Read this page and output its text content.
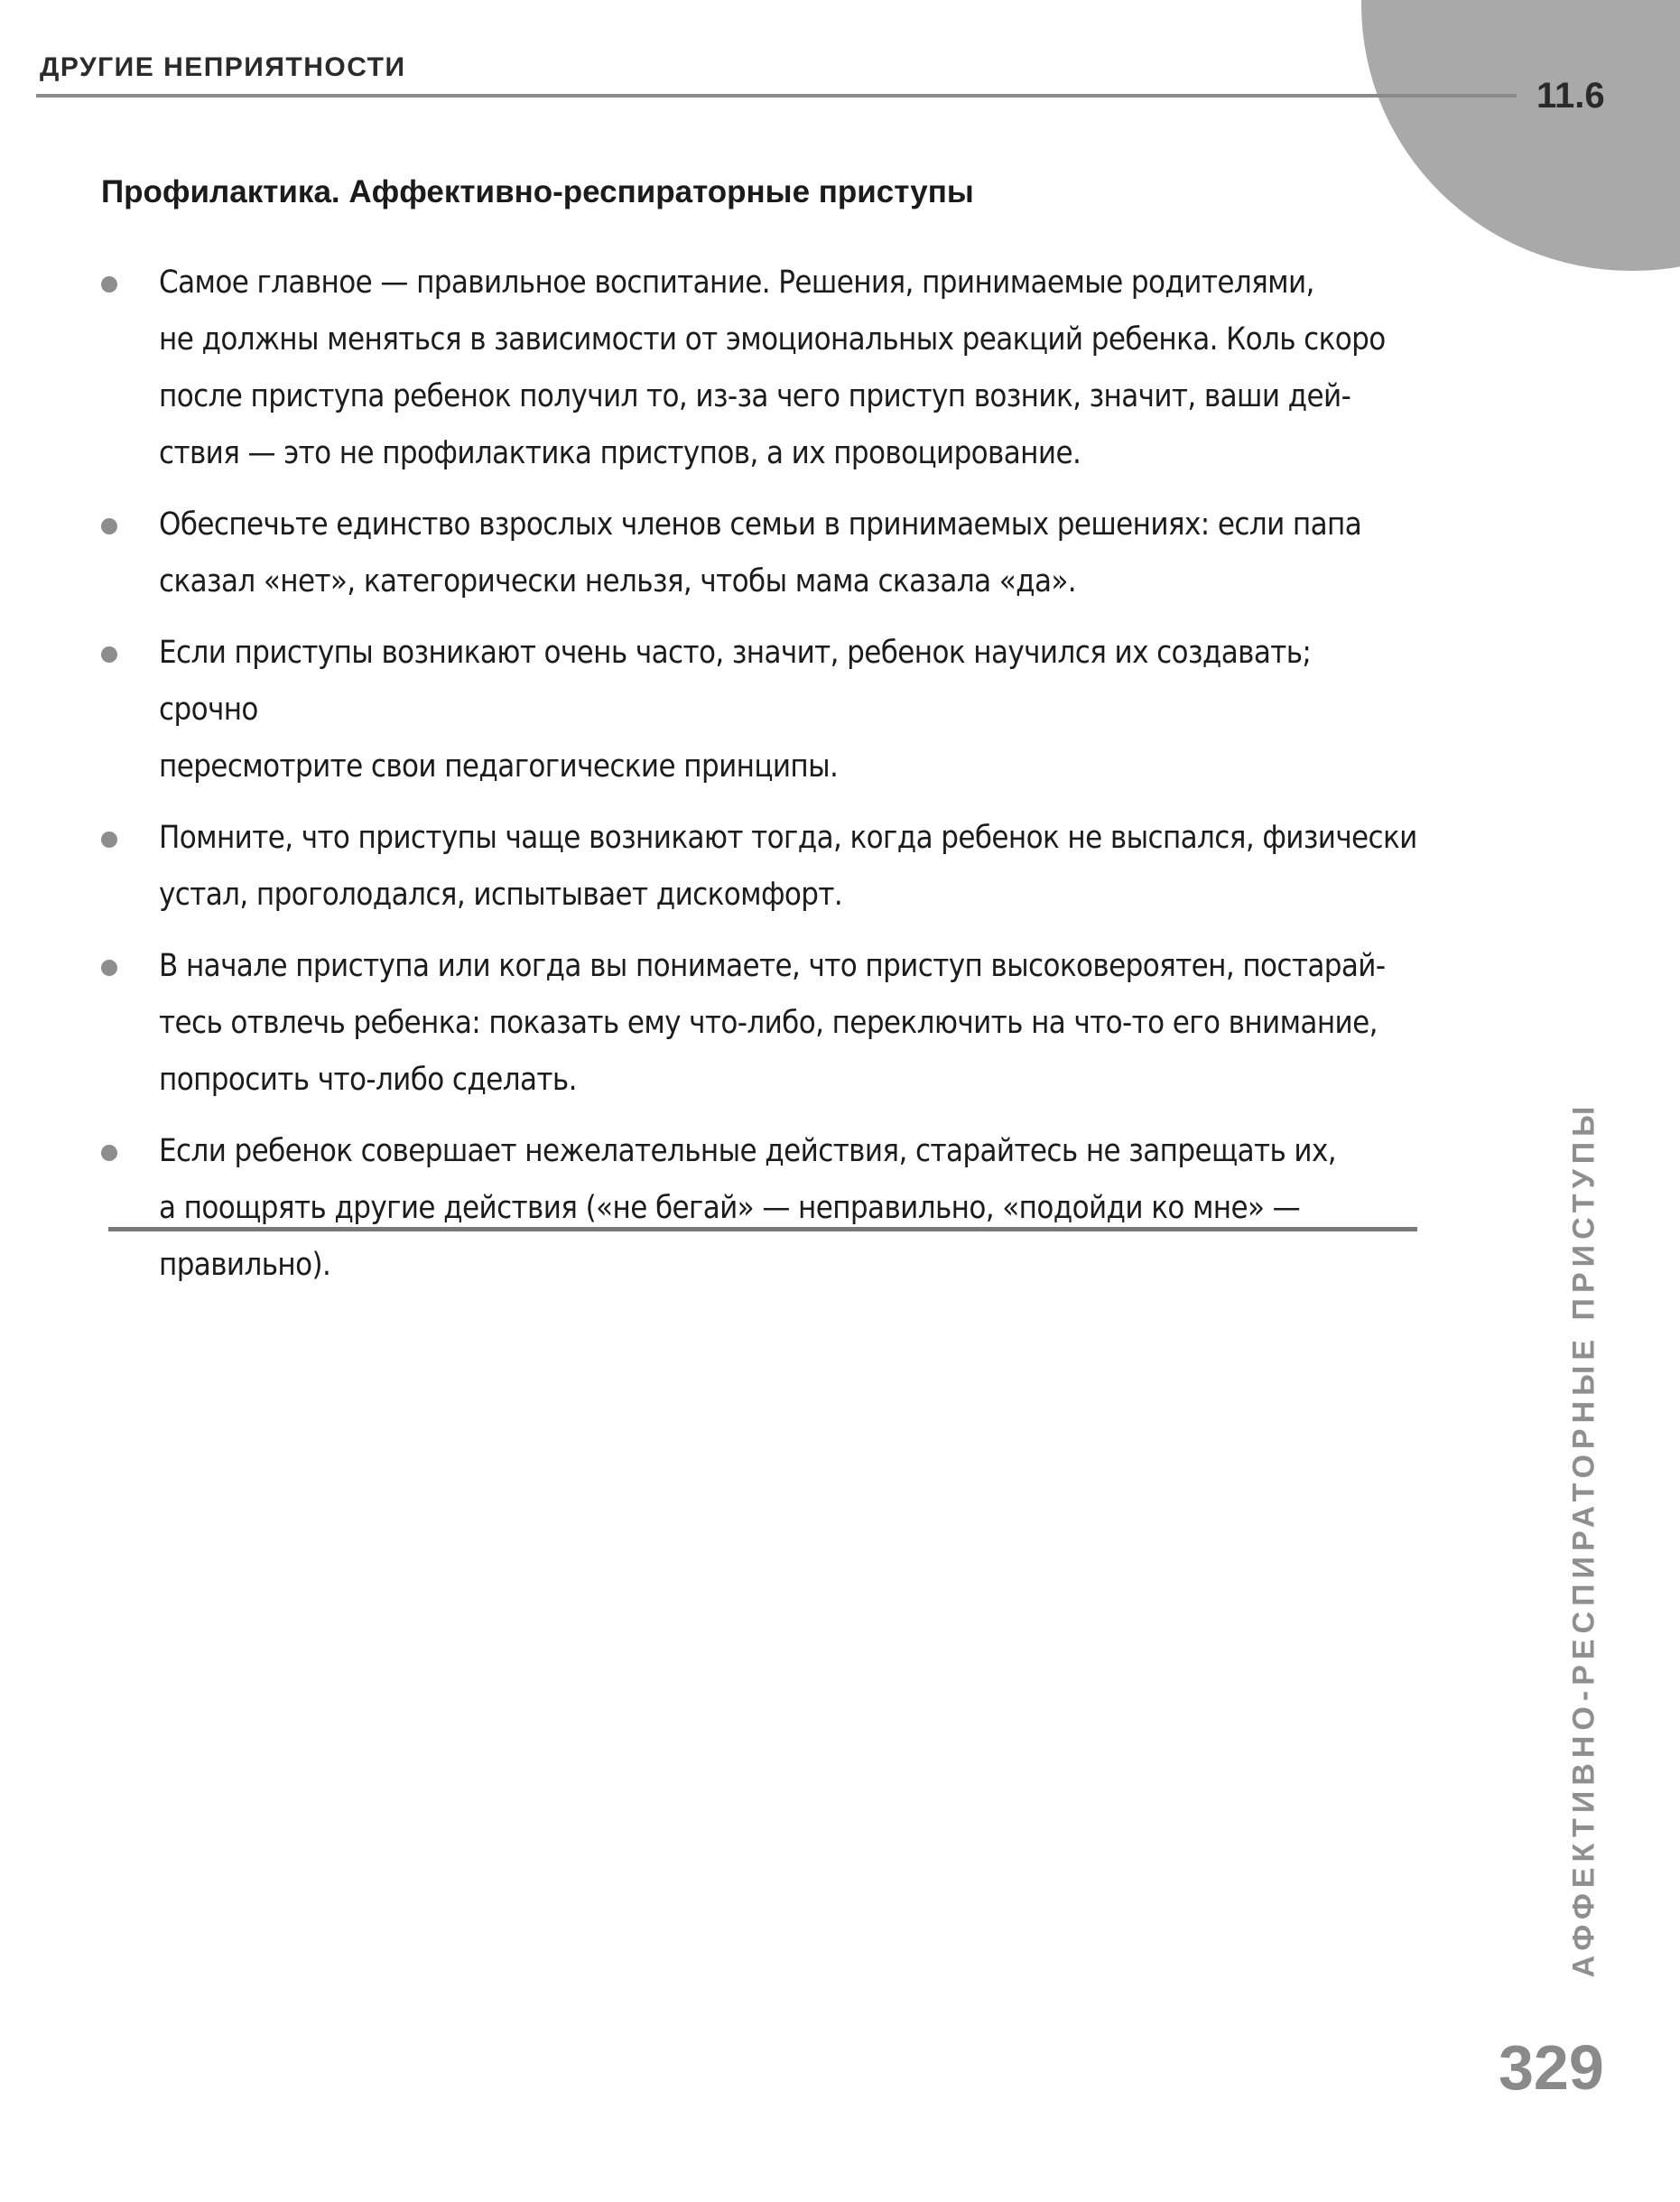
ДРУГИЕ НЕПРИЯТНОСТИ
11.6
Профилактика. Аффективно-респираторные приступы
Самое главное — правильное воспитание. Решения, принимаемые родителями,
не должны меняться в зависимости от эмоциональных реакций ребенка. Коль скоро
после приступа ребенок получил то, из-за чего приступ возник, значит, ваши дей-
ствия — это не профилактика приступов, а их провоцирование.
Обеспечьте единство взрослых членов семьи в принимаемых решениях: если папа
сказал «нет», категорически нельзя, чтобы мама сказала «да».
Если приступы возникают очень часто, значит, ребенок научился их создавать; срочно
пересмотрите свои педагогические принципы.
Помните, что приступы чаще возникают тогда, когда ребенок не выспался, физически
устал, проголодался, испытывает дискомфорт.
В начале приступа или когда вы понимаете, что приступ высоковероятен, постарай-
тесь отвлечь ребенка: показать ему что-либо, переключить на что-то его внимание,
попросить что-либо сделать.
Если ребенок совершает нежелательные действия, старайтесь не запрещать их,
а поощрять другие действия («не бегай» — неправильно, «подойди ко мне» —
правильно).	АФФЕКТИВНО-РЕСПИРАТОРНЫЕ ПРИСТУПЫ
329
